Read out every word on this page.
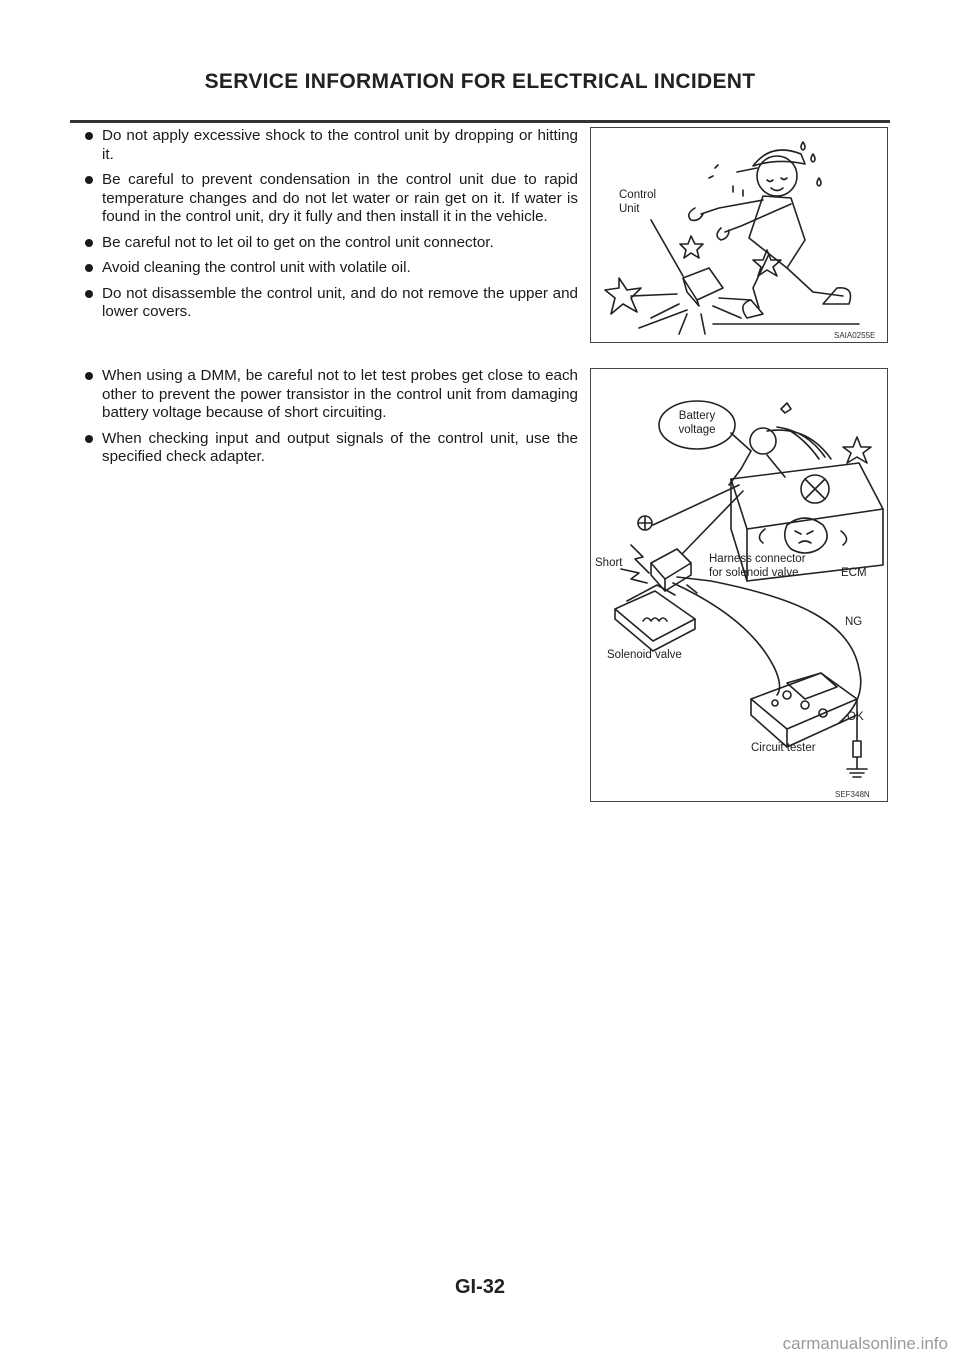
SERVICE INFORMATION FOR ELECTRICAL INCIDENT
Do not apply excessive shock to the control unit by dropping or hitting it.
Be careful to prevent condensation in the control unit due to rapid temperature changes and do not let water or rain get on it. If water is found in the control unit, dry it fully and then install it in the vehicle.
Be careful not to let oil to get on the control unit connector.
Avoid cleaning the control unit with volatile oil.
Do not disassemble the control unit, and do not remove the upper and lower covers.
Control
Unit
SAIA0255E
When using a DMM, be careful not to let test probes get close to each other to prevent the power transistor in the control unit from damaging battery voltage because of short circuiting.
When checking input and output signals of the control unit, use the specified check adapter.
Battery
voltage
Short	Harness connector
for solenoid valve	ECM
NG
Solenoid valve
OK
Circuit tester
SEF348N
GI-32
carmanualsonline.info
